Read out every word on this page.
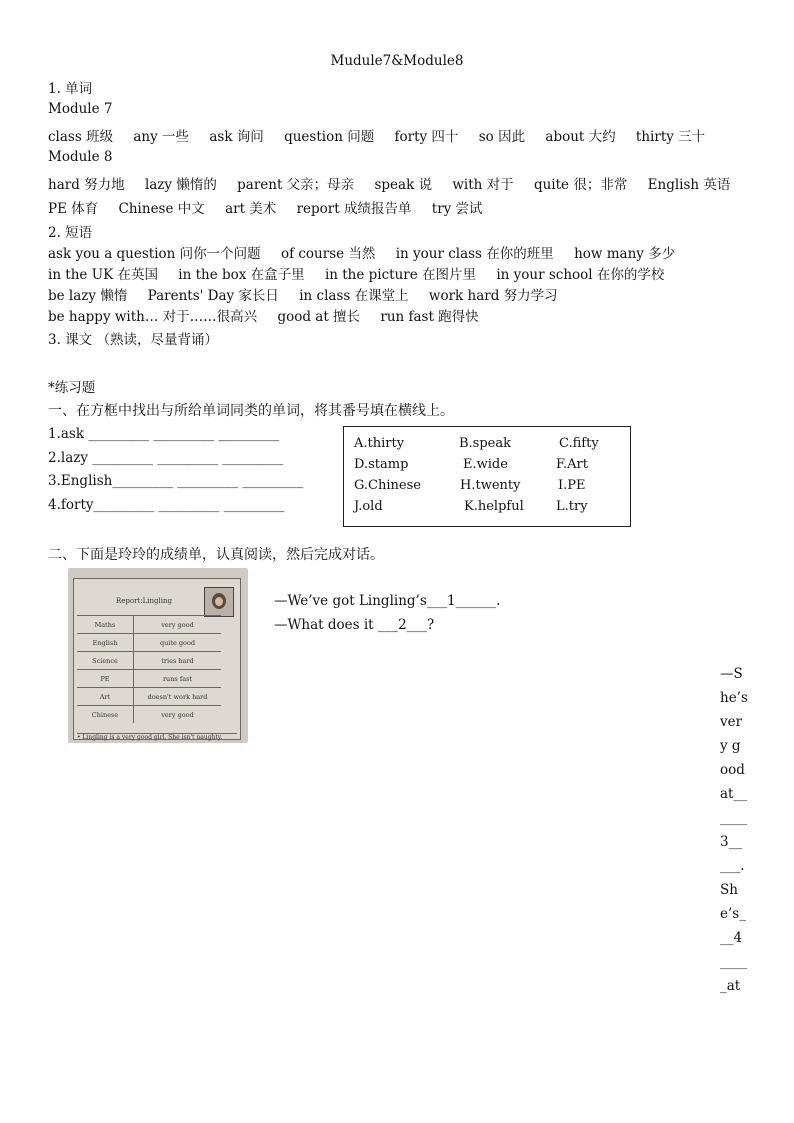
Mudule7&Module8
1. 单词
Module 7
class 班级 any 一些 ask 询问 question 问题 forty 四十 so 因此 about 大约 thirty 三十
Module 8
hard 努力地 lazy 懒惰的 parent 父亲；母亲 speak 说 with 对于 quite 很；非常 English 英语
PE 体育 Chinese 中文 art 美术 report 成绩报告单 try 尝试
2. 短语
ask you a question 问你一个问题 of course 当然 in your class 在你的班里 how many 多少
in the UK 在英国 in the box 在盒子里 in the picture 在图片里 in your school 在你的学校
be lazy 懒惰 Parents' Day 家长日 in class 在课堂上 work hard 努力学习
be happy with… 对于……很高兴 good at 擅长 run fast 跑得快
3. 课文 （熟读，尽量背诵）
*练习题
一、在方框中找出与所给单词同类的单词，将其番号填在横线上。
1.ask _________ _________ _________
2.lazy _________ _________ _________
3.English_________ _________ _________
4.forty_________ _________ _________
A.thirty	B.speak	C.fifty
D.stamp	E.wide	F.Art
G.Chinese	H.twenty	I.PE
J.old	K.helpful L.try
二、下面是玲玲的成绩单，认真阅读，然后完成对话。
Report:Lingling
Maths	very good
English	quite good
Science	tries hard
PE	runs fast
Art	doesn't work hard
Chinese	very good
• Lingling is a very good girl. She isn't naughty.
—We’ve got Lingling’s___1______.
—What does it ___2___?
—She’s very good at______3_____. She’s___4_____at
